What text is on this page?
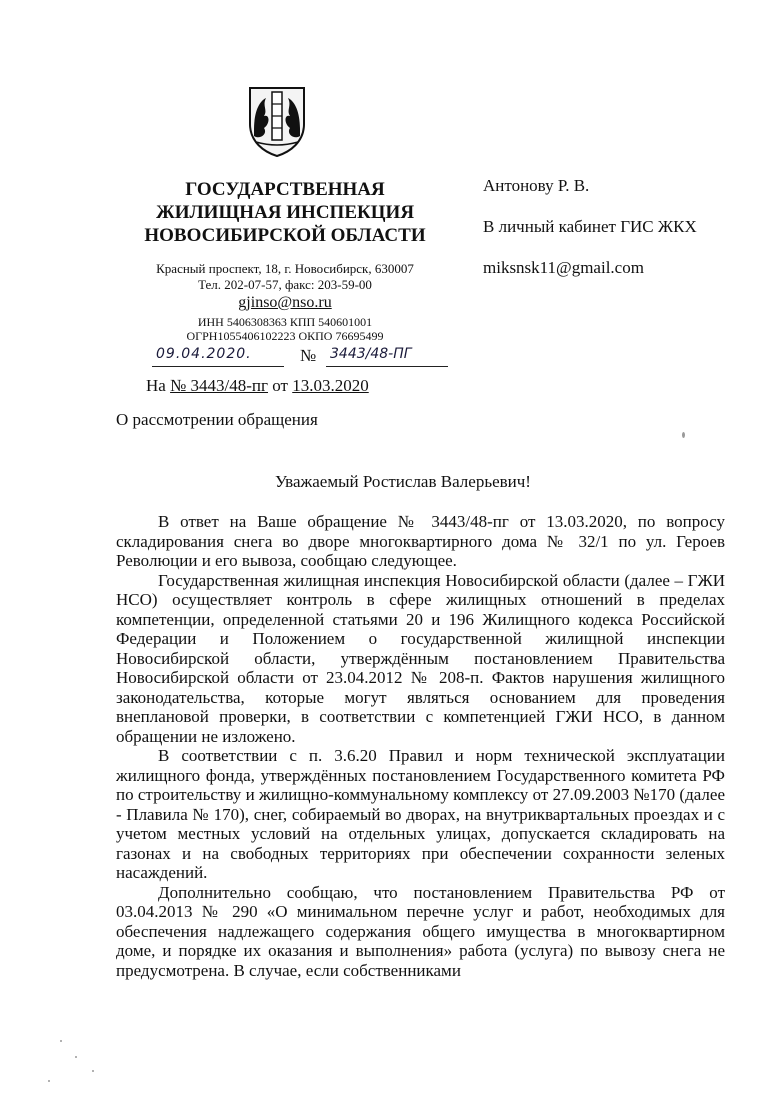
ГОСУДАРСТВЕННАЯ
ЖИЛИЩНАЯ ИНСПЕКЦИЯ
НОВОСИБИРСКОЙ ОБЛАСТИ
Красный проспект, 18, г. Новосибирск, 630007
Тел. 202-07-57, факс: 203-59-00
gjinso@nso.ru
ИНН 5406308363 КПП 540601001
ОГРН1055406102223 ОКПО 76695499
09.04.2020.	№ 3443/48-ПГ
На № 3443/48-пг от 13.03.2020
О рассмотрении обращения
Антонову Р. В.
В личный кабинет ГИС ЖКХ
miksnsk11@gmail.com
Уважаемый Ростислав Валерьевич!

В ответ на Ваше обращение № 3443/48-пг от 13.03.2020, по вопросу складирования снега во дворе многоквартирного дома № 32/1 по ул. Героев Революции и его вывоза, сообщаю следующее.

Государственная жилищная инспекция Новосибирской области (далее – ГЖИ НСО) осуществляет контроль в сфере жилищных отношений в пределах компетенции, определенной статьями 20 и 196 Жилищного кодекса Российской Федерации и Положением о государственной жилищной инспекции Новосибирской области, утверждённым постановлением Правительства Новосибирской области от 23.04.2012 № 208-п. Фактов нарушения жилищного законодательства, которые могут являться основанием для проведения внеплановой проверки, в соответствии с компетенцией ГЖИ НСО, в данном обращении не изложено.

В соответствии с п. 3.6.20 Правил и норм технической эксплуатации жилищного фонда, утверждённых постановлением Государственного комитета РФ по строительству и жилищно-коммунальному комплексу от 27.09.2003 №170 (далее - Плавила № 170), снег, собираемый во дворах, на внутриквартальных проездах и с учетом местных условий на отдельных улицах, допускается складировать на газонах и на свободных территориях при обеспечении сохранности зеленых насаждений.

Дополнительно сообщаю, что постановлением Правительства РФ от 03.04.2013 № 290 «О минимальном перечне услуг и работ, необходимых для обеспечения надлежащего содержания общего имущества в многоквартирном доме, и порядке их оказания и выполнения» работа (услуга) по вывозу снега не предусмотрена. В случае, если собственниками
